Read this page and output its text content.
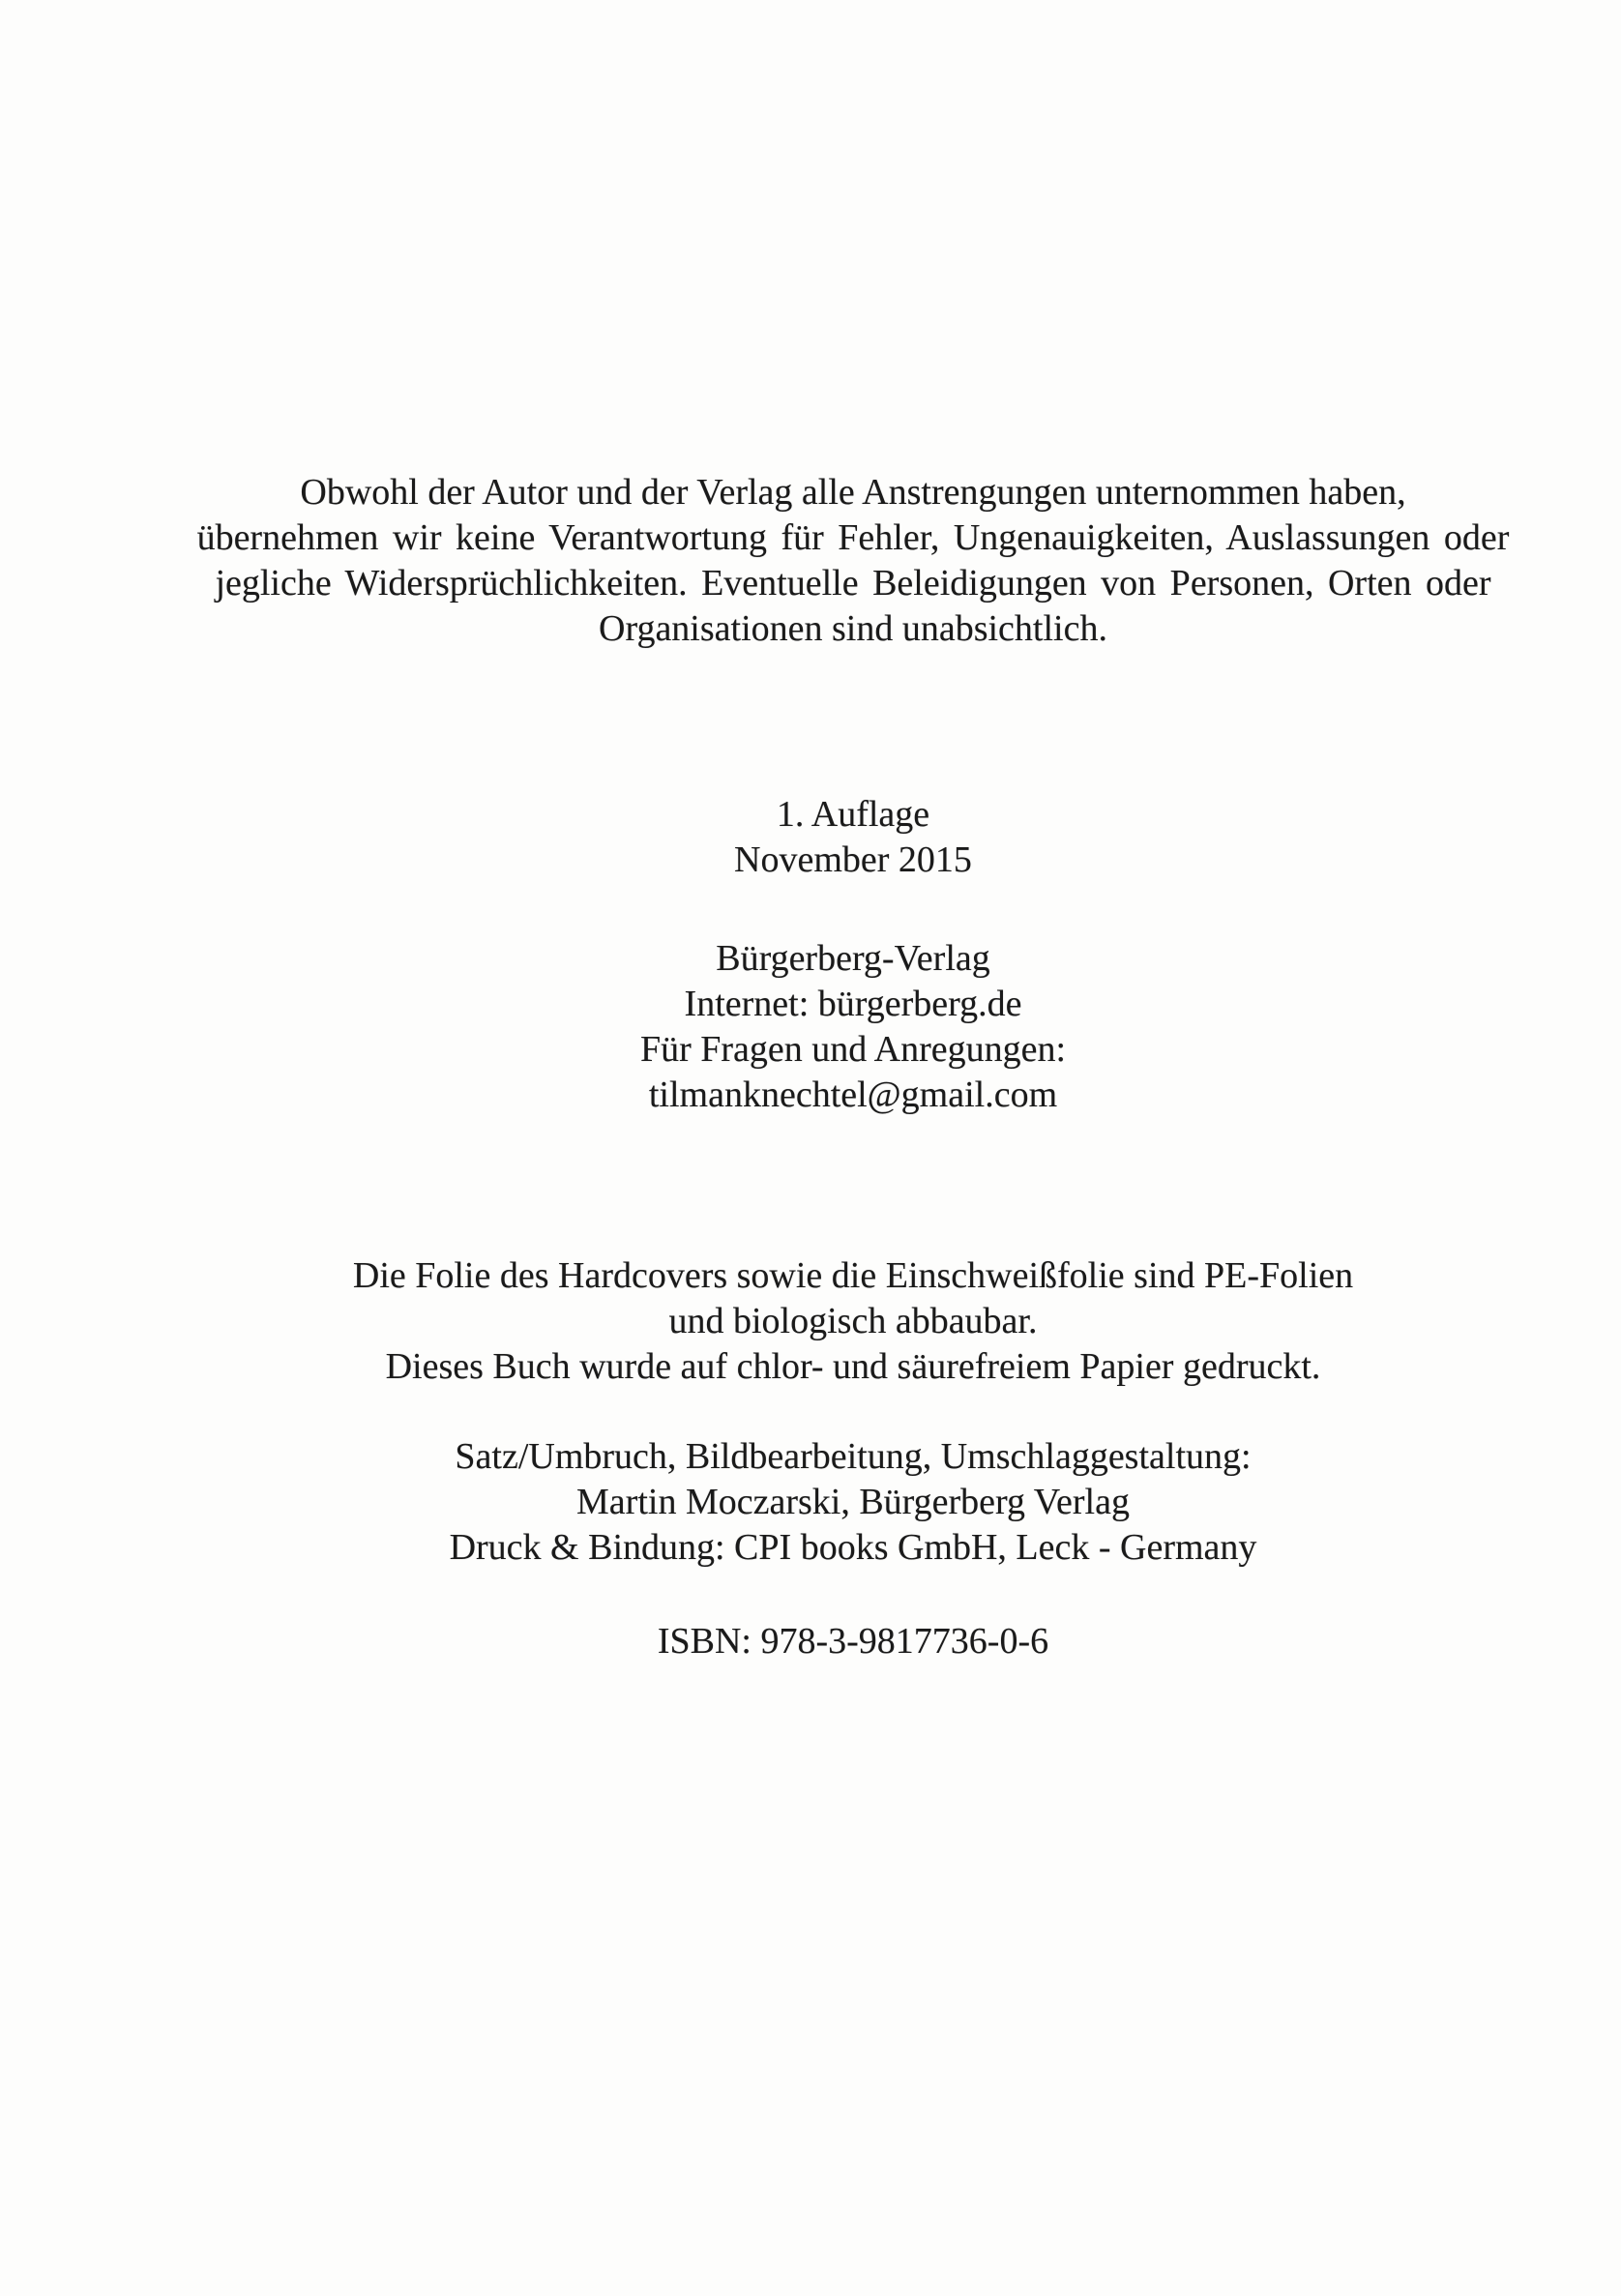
Obwohl der Autor und der Verlag alle Anstrengungen unternommen haben,
übernehmen wir keine Verantwortung für Fehler, Ungenauigkeiten, Auslassungen oder
jegliche Widersprüchlichkeiten. Eventuelle Beleidigungen von Personen, Orten oder
Organisationen sind unabsichtlich.
1. Auflage
November 2015
Bürgerberg-Verlag
Internet: bürgerberg.de
Für Fragen und Anregungen:
tilmanknechtel@gmail.com
Die Folie des Hardcovers sowie die Einschweißfolie sind PE-Folien
und biologisch abbaubar.
Dieses Buch wurde auf chlor- und säurefreiem Papier gedruckt.
Satz/Umbruch, Bildbearbeitung, Umschlaggestaltung:
Martin Moczarski, Bürgerberg Verlag
Druck & Bindung: CPI books GmbH, Leck - Germany
ISBN: 978-3-9817736-0-6
